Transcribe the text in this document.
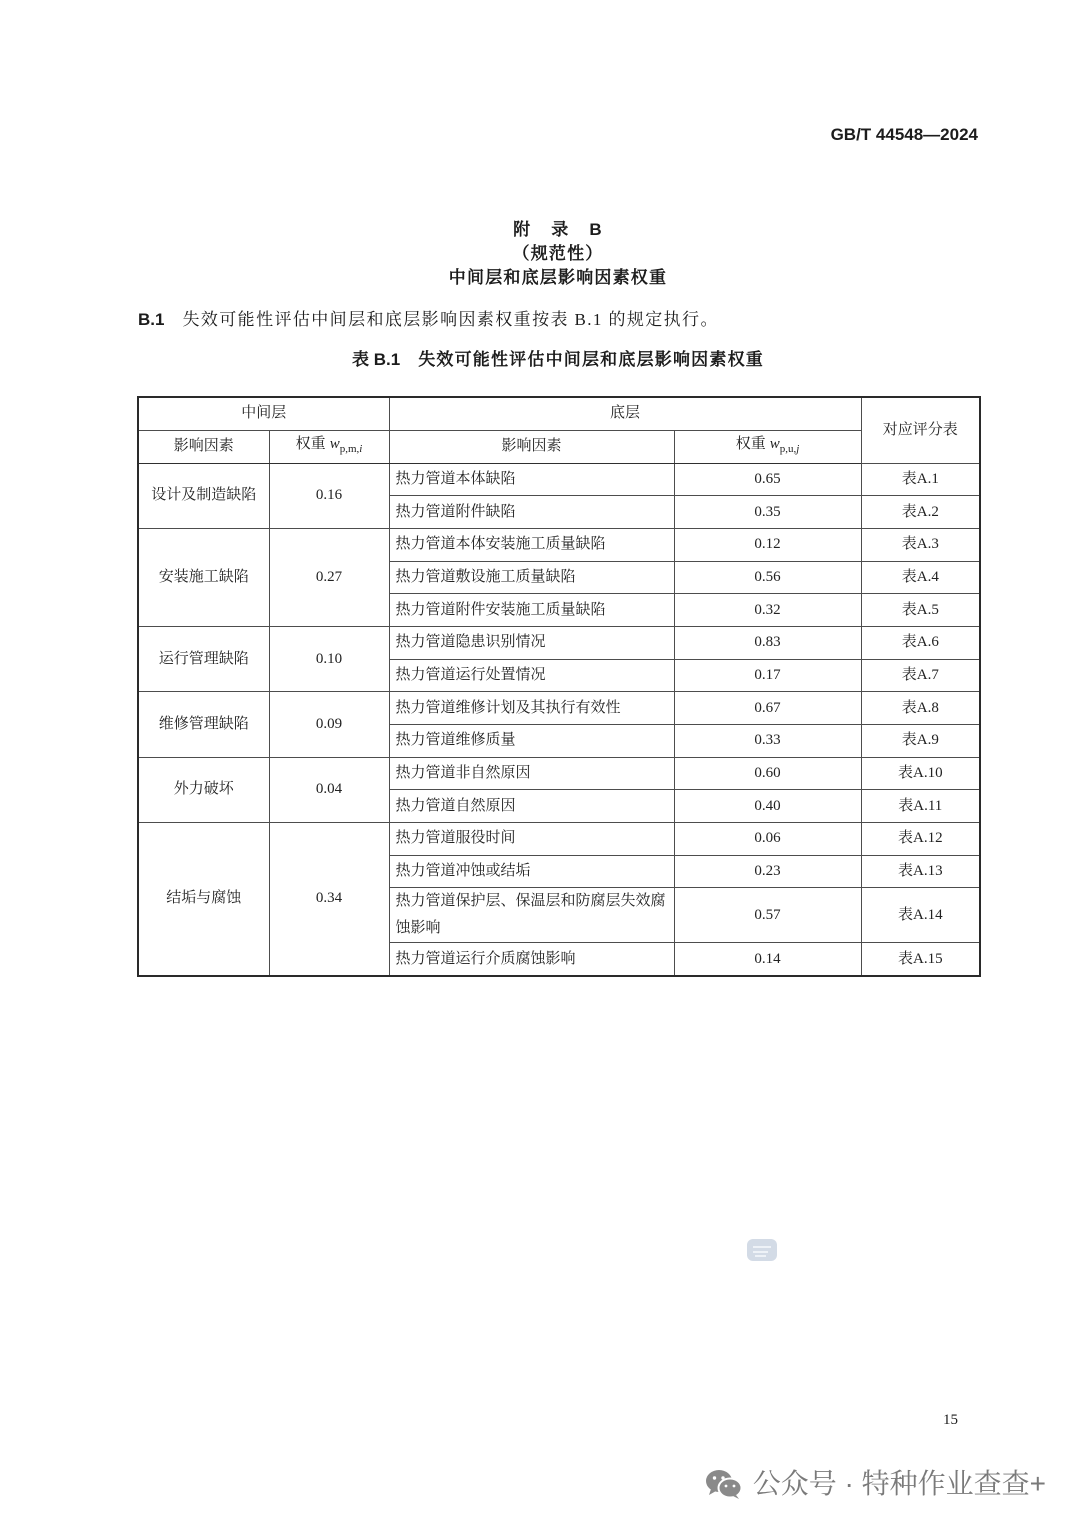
GB/T 44548—2024
附 录 B
（规范性）
中间层和底层影响因素权重
B.1 失效可能性评估中间层和底层影响因素权重按表 B.1 的规定执行。
表 B.1 失效可能性评估中间层和底层影响因素权重
中间层		底层		对应评分表
影响因素	权重 $w_{p,m,i}$	影响因素	权重 $w_{p,u,j}$
设计及制造缺陷	0.16	热力管道本体缺陷	0.65	表A.1
		热力管道附件缺陷	0.35	表A.2
安装施工缺陷	0.27	热力管道本体安装施工质量缺陷	0.12	表A.3
		热力管道敷设施工质量缺陷	0.56	表A.4
		热力管道附件安装施工质量缺陷	0.32	表A.5
运行管理缺陷	0.10	热力管道隐患识别情况	0.83	表A.6
		热力管道运行处置情况	0.17	表A.7
维修管理缺陷	0.09	热力管道维修计划及其执行有效性	0.67	表A.8
		热力管道维修质量	0.33	表A.9
外力破坏	0.04	热力管道非自然原因	0.60	表A.10
		热力管道自然原因	0.40	表A.11
结垢与腐蚀	0.34	热力管道服役时间	0.06	表A.12
		热力管道冲蚀或结垢	0.23	表A.13
		热力管道保护层、保温层和防腐层失效腐蚀影响	0.57	表A.14
		热力管道运行介质腐蚀影响	0.14	表A.15
15
公众号 · 特种作业查查+
